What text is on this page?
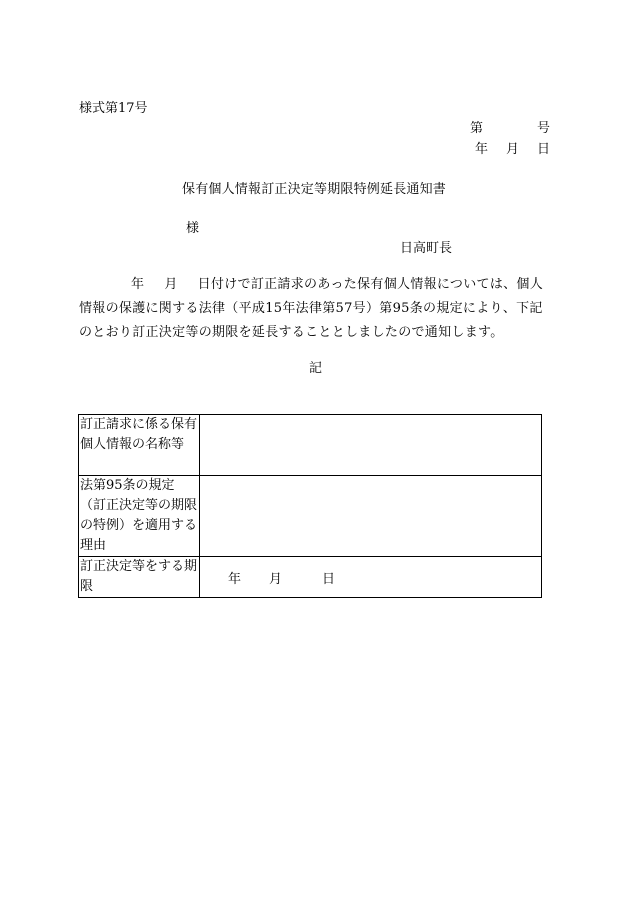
様式第17号
第	号
年 月 日
保有個人情報訂正決定等期限特例延長通知書
様
日高町長
年 月 日付けで訂正請求のあった保有個人情報については、個人情報の保護に関する法律（平成15年法律第57号）第95条の規定により、下記のとおり訂正決定等の期限を延長することとしましたので通知します。
記
訂正請求に係る保有個人情報の名称等	
法第95条の規定（訂正決定等の期限の特例）を適用する理由	
訂正決定等をする期限	年 月 日
